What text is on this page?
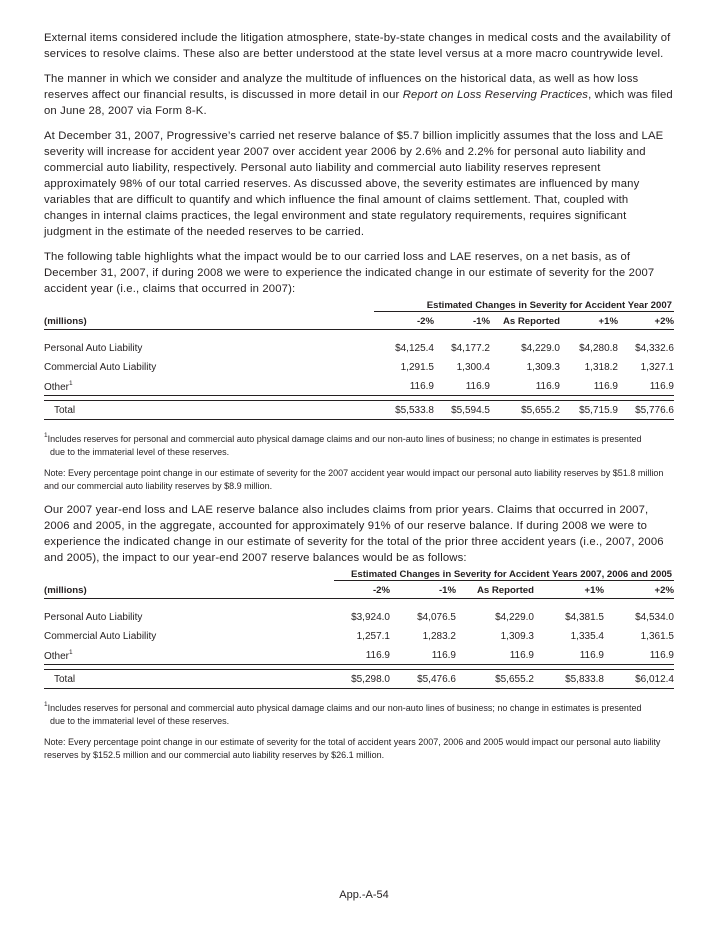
External items considered include the litigation atmosphere, state-by-state changes in medical costs and the availability of services to resolve claims. These also are better understood at the state level versus at a more macro countrywide level.

The manner in which we consider and analyze the multitude of influences on the historical data, as well as how loss reserves affect our financial results, is discussed in more detail in our Report on Loss Reserving Practices, which was filed on June 28, 2007 via Form 8-K.

At December 31, 2007, Progressive’s carried net reserve balance of $5.7 billion implicitly assumes that the loss and LAE severity will increase for accident year 2007 over accident year 2006 by 2.6% and 2.2% for personal auto liability and commercial auto liability, respectively. Personal auto liability and commercial auto liability reserves represent approximately 98% of our total carried reserves. As discussed above, the severity estimates are influenced by many variables that are difficult to quantify and which influence the final amount of claims settlement. That, coupled with changes in internal claims practices, the legal environment and state regulatory requirements, requires significant judgment in the estimate of the needed reserves to be carried.

The following table highlights what the impact would be to our carried loss and LAE reserves, on a net basis, as of December 31, 2007, if during 2008 we were to experience the indicated change in our estimate of severity for the 2007 accident year (i.e., claims that occurred in 2007):

	Estimated Changes in Severity for Accident Year 2007				
(millions)	-2%	-1%	As Reported	+1%	+2%
Personal Auto Liability	$4,125.4	$4,177.2	$4,229.0	$4,280.8	$4,332.6
Commercial Auto Liability	1,291.5	1,300.4	1,309.3	1,318.2	1,327.1
Other$^1$	116.9	116.9	116.9	116.9	116.9

Total	$5,533.8	$5,594.5	$5,655.2	$5,715.9	$5,776.6

$^1$Includes reserves for personal and commercial auto physical damage claims and our non-auto lines of business; no change in estimates is presented
due to the immaterial level of these reserves.

Note: Every percentage point change in our estimate of severity for the 2007 accident year would impact our personal auto liability reserves by $51.8 million and our commercial auto liability reserves by $8.9 million.

Our 2007 year-end loss and LAE reserve balance also includes claims from prior years. Claims that occurred in 2007, 2006 and 2005, in the aggregate, accounted for approximately 91% of our reserve balance. If during 2008 we were to experience the indicated change in our estimate of severity for the total of the prior three accident years (i.e., 2007, 2006 and 2005), the impact to our year-end 2007 reserve balances would be as follows:

	Estimated Changes in Severity for Accident Years 2007, 2006 and 2005				
(millions)	-2%	-1%	As Reported	+1%	+2%
Personal Auto Liability	$3,924.0	$4,076.5	$4,229.0	$4,381.5	$4,534.0
Commercial Auto Liability	1,257.1	1,283.2	1,309.3	1,335.4	1,361.5
Other$^1$	116.9	116.9	116.9	116.9	116.9

Total	$5,298.0	$5,476.6	$5,655.2	$5,833.8	$6,012.4

$^1$Includes reserves for personal and commercial auto physical damage claims and our non-auto lines of business; no change in estimates is presented
due to the immaterial level of these reserves.

Note: Every percentage point change in our estimate of severity for the total of accident years 2007, 2006 and 2005 would impact our personal auto liability reserves by $152.5 million and our commercial auto liability reserves by $26.1 million.

App.-A-54
